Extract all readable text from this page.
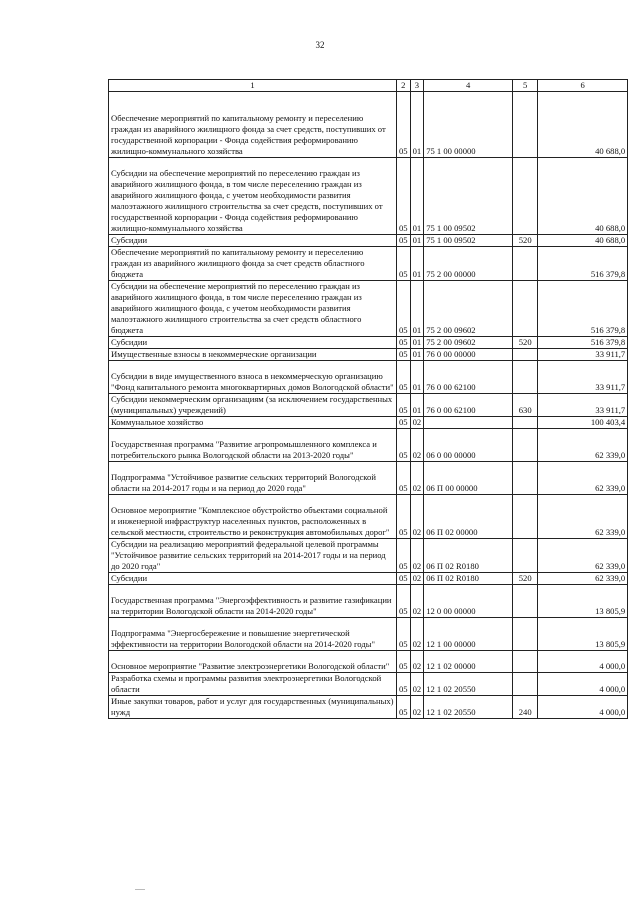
32
1	2	3	4	5	6
Обеспечение мероприятий по капитальному ремонту и переселению граждан из аварийного жилищного фонда за счет средств, поступивших от государственной корпорации - Фонда содействия реформированию жилищно-коммунального хозяйства	05	01	75 1 00 00000		40 688,0
Субсидии на обеспечение мероприятий по переселению граждан из аварийного жилищного фонда, в том числе переселению граждан из аварийного жилищного фонда, с учетом необходимости развития малоэтажного жилищного строительства за счет средств, поступивших от государственной корпорации - Фонда содействия реформированию жилищно-коммунального хозяйства	05	01	75 1 00 09502		40 688,0
Субсидии	05	01	75 1 00 09502	520	40 688,0
Обеспечение мероприятий по капитальному ремонту и переселению граждан из аварийного жилищного фонда за счет средств областного бюджета	05	01	75 2 00 00000		516 379,8
Субсидии на обеспечение мероприятий по переселению граждан из аварийного жилищного фонда, в том числе переселению граждан из аварийного жилищного фонда, с учетом необходимости развития малоэтажного жилищного строительства за счет средств областного бюджета	05	01	75 2 00 09602		516 379,8
Субсидии	05	01	75 2 00 09602	520	516 379,8
Имущественные взносы в некоммерческие организации	05	01	76 0 00 00000		33 911,7
Субсидии в виде имущественного взноса в некоммерческую организацию "Фонд капитального ремонта многоквартирных домов Вологодской области"	05	01	76 0 00 62100		33 911,7
Субсидии некоммерческим организациям (за исключением государственных (муниципальных) учреждений)	05	01	76 0 00 62100	630	33 911,7
Коммунальное хозяйство	05	02			100 403,4
Государственная программа "Развитие агропромышленного комплекса и потребительского рынка Вологодской области на 2013-2020 годы"	05	02	06 0 00 00000		62 339,0
Подпрограмма "Устойчивое развитие сельских территорий Вологодской области на 2014-2017 годы и на период до 2020 года"	05	02	06 П 00 00000		62 339,0
Основное мероприятие "Комплексное обустройство объектами социальной и инженерной инфраструктур населенных пунктов, расположенных в сельской местности, строительство и реконструкция автомобильных дорог"	05	02	06 П 02 00000		62 339,0
Субсидии на реализацию мероприятий федеральной целевой программы "Устойчивое развитие сельских территорий на 2014-2017 годы и на период до 2020 года"	05	02	06 П 02 R0180		62 339,0
Субсидии	05	02	06 П 02 R0180	520	62 339,0
Государственная программа "Энергоэффективность и развитие газификации на территории Вологодской области на 2014-2020 годы"	05	02	12 0 00 00000		13 805,9
Подпрограмма "Энергосбережение и повышение энергетической эффективности на территории Вологодской области на 2014-2020 годы"	05	02	12 1 00 00000		13 805,9
Основное мероприятие "Развитие электроэнергетики Вологодской области"	05	02	12 1 02 00000		4 000,0
Разработка схемы и программы развития электроэнергетики Вологодской области	05	02	12 1 02 20550		4 000,0
Иные закупки товаров, работ и услуг для государственных (муниципальных) нужд	05	02	12 1 02 20550	240	4 000,0
